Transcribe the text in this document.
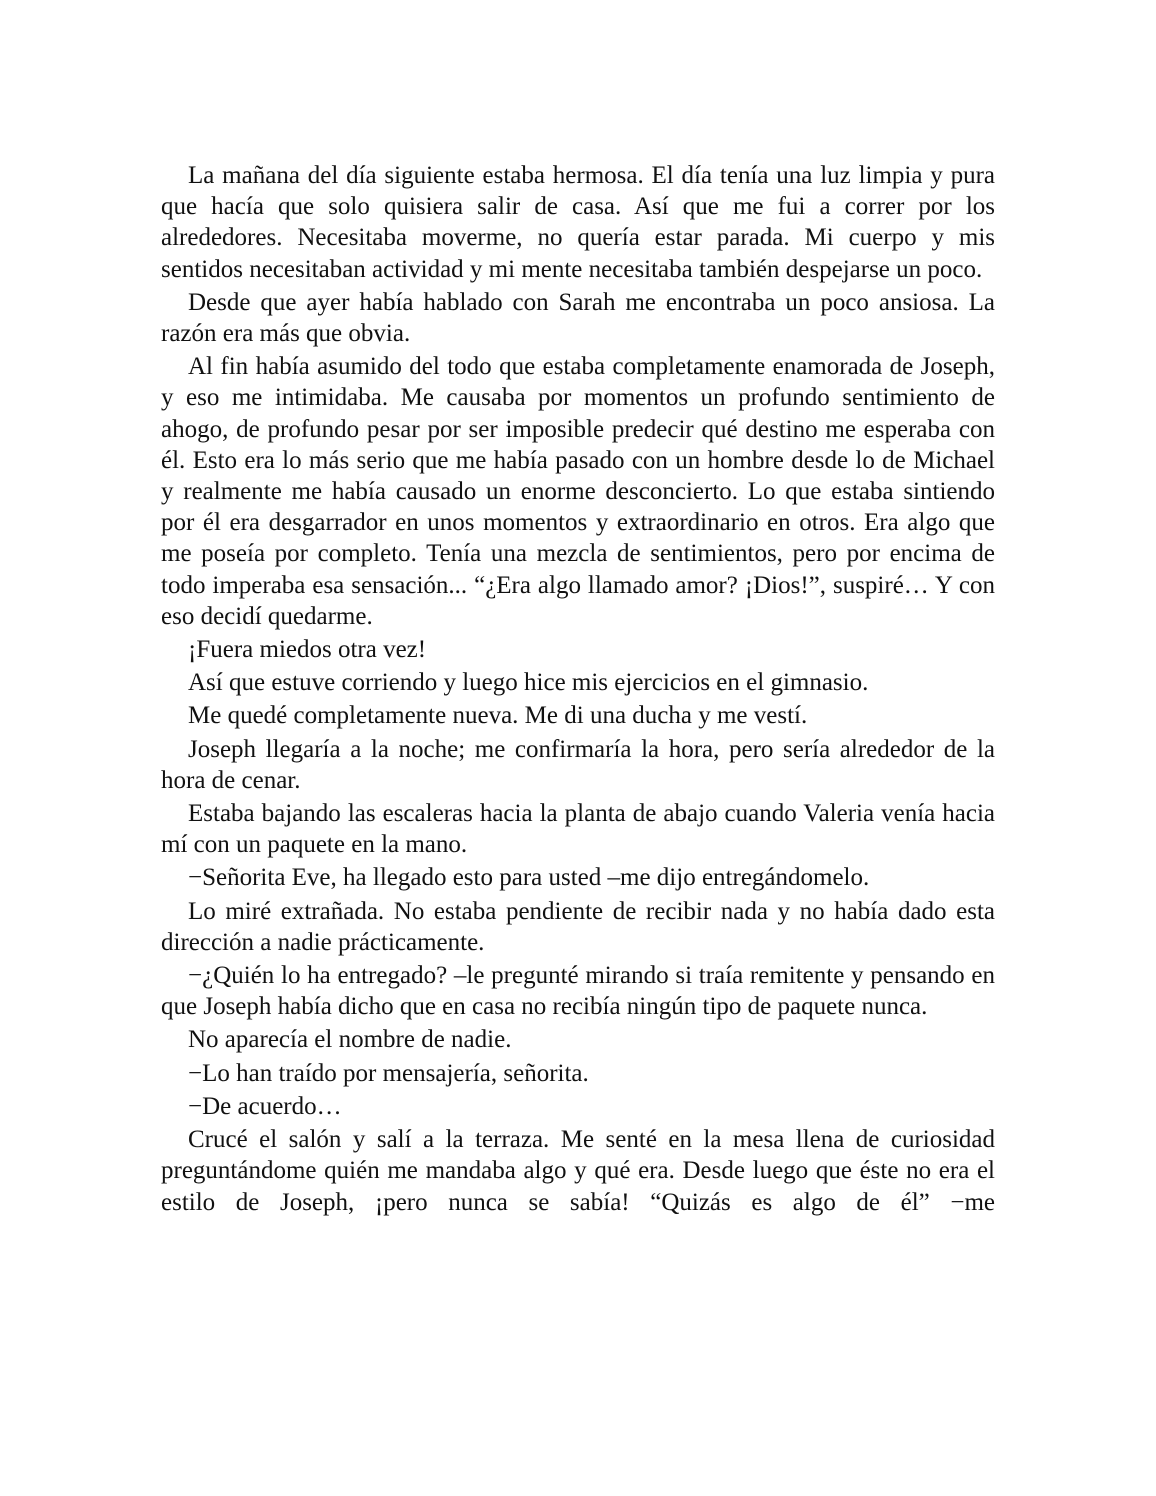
La mañana del día siguiente estaba hermosa. El día tenía una luz limpia y pura que hacía que solo quisiera salir de casa. Así que me fui a correr por los alrededores. Necesitaba moverme, no quería estar parada. Mi cuerpo y mis sentidos necesitaban actividad y mi mente necesitaba también despejarse un poco.

Desde que ayer había hablado con Sarah me encontraba un poco ansiosa. La razón era más que obvia.

Al fin había asumido del todo que estaba completamente enamorada de Joseph, y eso me intimidaba. Me causaba por momentos un profundo sentimiento de ahogo, de profundo pesar por ser imposible predecir qué destino me esperaba con él. Esto era lo más serio que me había pasado con un hombre desde lo de Michael y realmente me había causado un enorme desconcierto. Lo que estaba sintiendo por él era desgarrador en unos momentos y extraordinario en otros. Era algo que me poseía por completo. Tenía una mezcla de sentimientos, pero por encima de todo imperaba esa sensación... “¿Era algo llamado amor? ¡Dios!”, suspiré… Y con eso decidí quedarme.

¡Fuera miedos otra vez!

Así que estuve corriendo y luego hice mis ejercicios en el gimnasio.

Me quedé completamente nueva. Me di una ducha y me vestí.

Joseph llegaría a la noche; me confirmaría la hora, pero sería alrededor de la hora de cenar.

Estaba bajando las escaleras hacia la planta de abajo cuando Valeria venía hacia mí con un paquete en la mano.

−Señorita Eve, ha llegado esto para usted –me dijo entregándomelo.

Lo miré extrañada. No estaba pendiente de recibir nada y no había dado esta dirección a nadie prácticamente.

−¿Quién lo ha entregado? –le pregunté mirando si traía remitente y pensando en que Joseph había dicho que en casa no recibía ningún tipo de paquete nunca.

No aparecía el nombre de nadie.

−Lo han traído por mensajería, señorita.

−De acuerdo…

Crucé el salón y salí a la terraza. Me senté en la mesa llena de curiosidad preguntándome quién me mandaba algo y qué era. Desde luego que éste no era el estilo de Joseph, ¡pero nunca se sabía! “Quizás es algo de él” −me
